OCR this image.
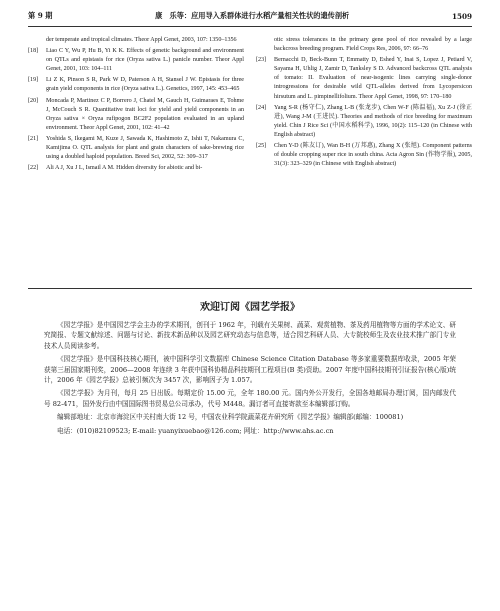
第 9 期	康　乐等：应用导入系群体进行水稻产量相关性状的遗传剖析	1509
der temperate and tropical climates. Theor Appl Genet, 2003, 107: 1350–1356
[18]	Liao C Y, Wu P, Hu B, Yi K K. Effects of genetic background and environment on QTLs and epistasis for rice (Oryza sativa L.) panicle number. Theor Appl Genet, 2001, 103: 104–111
[19]	Li Z K, Pinson S R, Park W D, Paterson A H, Stansel J W. Epistasis for three grain yield components in rice (Oryza sativa L.). Genetics, 1997, 145: 453–465
[20]	Moncada P, Martinez C P, Borrero J, Chatel M, Gauch H, Guimaraes E, Tohme J, McCouch S R. Quantitative trait loci for yield and yield components in an Oryza sativa × Oryza rufipogon BC2F2 population evaluated in an upland environment. Theor Appl Genet, 2001, 102: 41–42
[21]	Yoshida S, Ikegami M, Kuze J, Sawada K, Hashimoto Z, Ishii T, Nakamura C, Kamijima O. QTL analysis for plant and grain characters of sake-brewing rice using a doubled haploid population. Breed Sci, 2002, 52: 309–317
[22]	Ali A J, Xu J L, Ismail A M. Hidden diversity for abiotic and bi-
otic stress tolerances in the primary gene pool of rice revealed by a large backcross breeding program. Field Crops Res, 2006, 97: 66–76
[23]	Bernacchi D, Beck-Bunn T, Emmatty D, Eshed Y, Inai S, Lopez J, Petiard V, Sayama H, Uhlig J, Zamir D, Tanksley S D. Advanced backcross QTL analysis of tomato: II. Evaluation of near-isogenic lines carrying single-donor introgressions for desirable wild QTL-alleles derived from Lycopersicon hirsutum and L. pimpinellifolium. Theor Appl Genet, 1998, 97: 170–180
[24]	Yang S-R (杨守仁), Zhang L-B (张龙步), Chen W-F (陈温福), Xu Z-J (徐正进), Wang J-M (王进民). Theories and methods of rice breeding for maximum yield. Chin J Rice Sci (中国水稻科学), 1996, 10(2): 115–120 (in Chinese with English abstract)
[25]	Chen Y-D (陈友订), Wan B-H (万邦惠), Zhang X (张旭). Component patterns of double cropping super rice in south china. Acta Agron Sin (作物学报), 2005, 31(3): 323–329 (in Chinese with English abstract)
欢迎订阅《园艺学报》

《园艺学报》是中国园艺学会主办的学术期刊，创刊于 1962 年，刊载有关果树、蔬菜、观赏植物、茶及药用植物等方面的学术论文、研究简报、专题文献综述、问题与讨论、新技术新品种以及园艺研究动态与信息等，适合园艺科研人员、大专院校师生及农业技术推广部门专业技术人员阅读参考。

《园艺学报》是中国科技核心期刊，被中国科学引文数据库 Chinese Science Citation Database 等多家重要数据库收录，2005 年荣获第三届国家期刊奖，2006—2008 年连续 3 年获中国科协精品科技期刊工程项目(B 类)资助。2007 年度中国科技期刊引证报告(核心版)统计，2006 年《园艺学报》总被引频次为 3457 次，影响因子为 1.057。

《园艺学报》为月刊，每月 25 日出版。每期定价 15.00 元，全年 180.00 元。国内外公开发行，全国各地邮局办理订阅，国内邮发代号 82-471，国外发行由中国国际图书贸易总公司承办，代号 M448。漏订者可直接寄款至本编辑部订购。

编辑部地址：北京市海淀区中关村南大街 12 号，中国农业科学院蔬菜花卉研究所《园艺学报》编辑部(邮编：100081)

电话：(010)82109523; E-mail: yuanyixuebao@126.com; 网址：http://www.ahs.ac.cn
